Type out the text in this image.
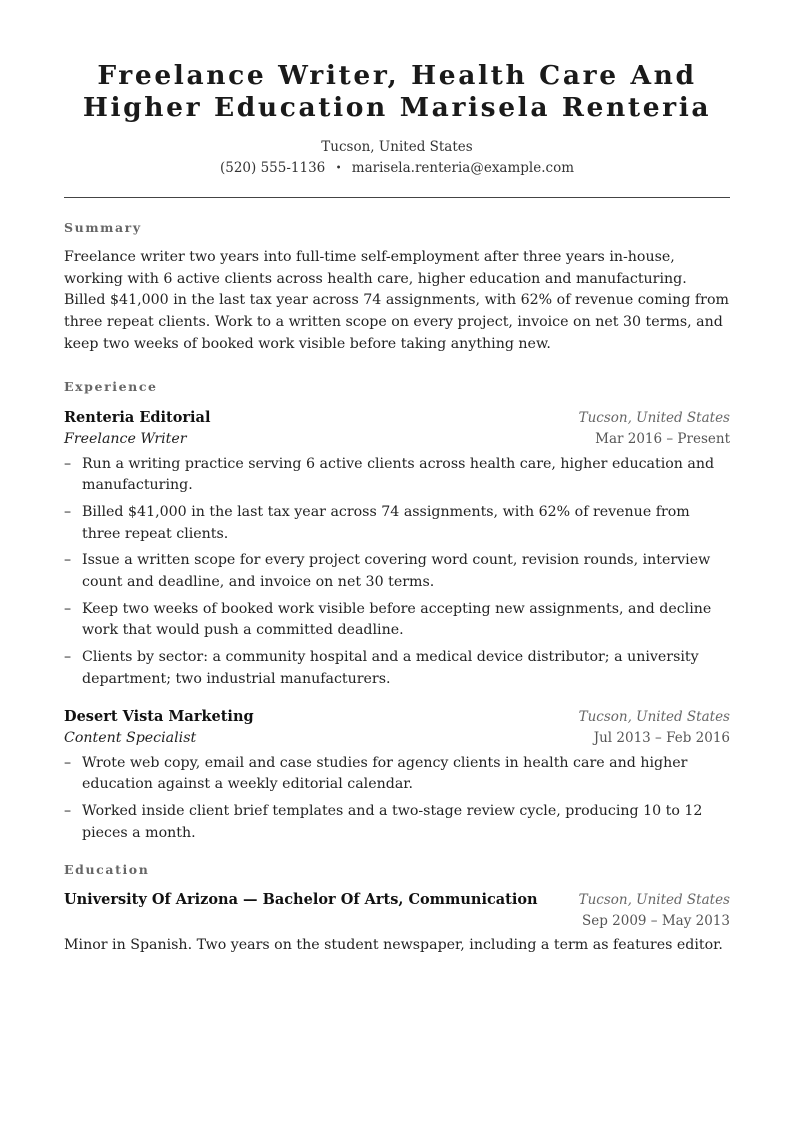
Freelance Writer, Health Care And Higher Education Marisela Renteria
Tucson, United States
(520) 555-1136 • marisela.renteria@example.com
Summary

Freelance writer two years into full-time self-employment after three years in-house, working with 6 active clients across health care, higher education and manufacturing. Billed $41,000 in the last tax year across 74 assignments, with 62% of revenue coming from three repeat clients. Work to a written scope on every project, invoice on net 30 terms, and keep two weeks of booked work visible before taking anything new.

Experience
Renteria Editorial	Tucson, United States
Freelance Writer	Mar 2016 – Present
– Run a writing practice serving 6 active clients across health care, higher education and manufacturing.
– Billed $41,000 in the last tax year across 74 assignments, with 62% of revenue from three repeat clients.
– Issue a written scope for every project covering word count, revision rounds, interview count and deadline, and invoice on net 30 terms.
– Keep two weeks of booked work visible before accepting new assignments, and decline work that would push a committed deadline.
– Clients by sector: a community hospital and a medical device distributor; a university department; two industrial manufacturers.
Desert Vista Marketing	Tucson, United States
Content Specialist	Jul 2013 – Feb 2016
– Wrote web copy, email and case studies for agency clients in health care and higher education against a weekly editorial calendar.
– Worked inside client brief templates and a two-stage review cycle, producing 10 to 12 pieces a month.
Education
University Of Arizona — Bachelor Of Arts, Communication	Tucson, United States
Sep 2009 – May 2013
Minor in Spanish. Two years on the student newspaper, including a term as features editor.
